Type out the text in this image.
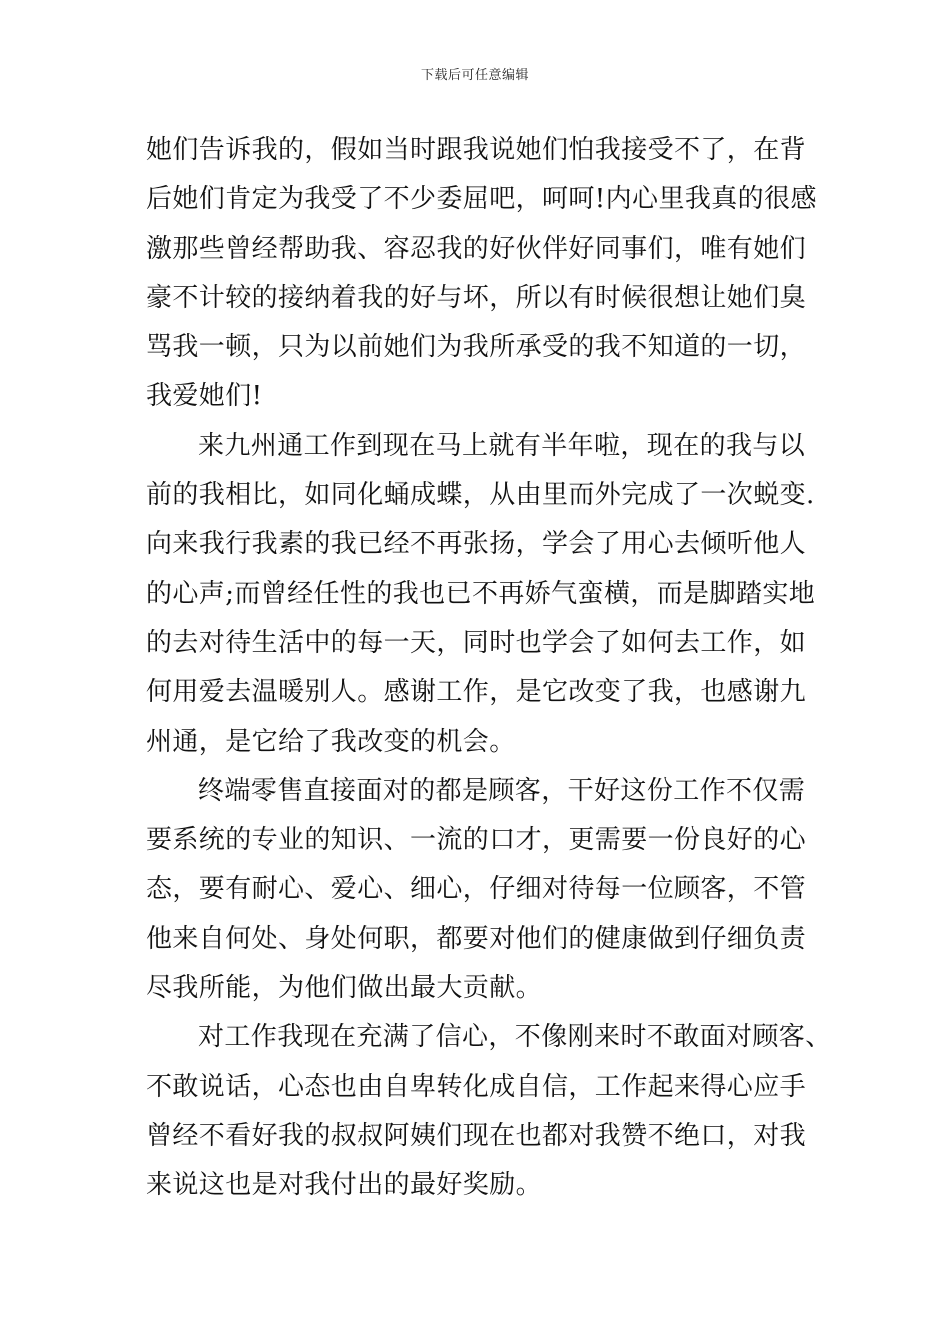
下载后可任意编辑
她们告诉我的，假如当时跟我说她们怕我接受不了，在背
后她们肯定为我受了不少委屈吧，呵呵!内心里我真的很感
激那些曾经帮助我、容忍我的好伙伴好同事们，唯有她们
豪不计较的接纳着我的好与坏，所以有时候很想让她们臭
骂我一顿，只为以前她们为我所承受的我不知道的一切，
我爱她们!
来九州通工作到现在马上就有半年啦，现在的我与以
前的我相比，如同化蛹成蝶，从由里而外完成了一次蜕变.
向来我行我素的我已经不再张扬，学会了用心去倾听他人
的心声;而曾经任性的我也已不再娇气蛮横，而是脚踏实地
的去对待生活中的每一天，同时也学会了如何去工作，如
何用爱去温暖别人。感谢工作，是它改变了我，也感谢九
州通，是它给了我改变的机会。
终端零售直接面对的都是顾客，干好这份工作不仅需
要系统的专业的知识、一流的口才，更需要一份良好的心
态，要有耐心、爱心、细心，仔细对待每一位顾客，不管
他来自何处、身处何职，都要对他们的健康做到仔细负责
尽我所能，为他们做出最大贡献。
对工作我现在充满了信心，不像刚来时不敢面对顾客、
不敢说话，心态也由自卑转化成自信，工作起来得心应手
曾经不看好我的叔叔阿姨们现在也都对我赞不绝口，对我
来说这也是对我付出的最好奖励。
